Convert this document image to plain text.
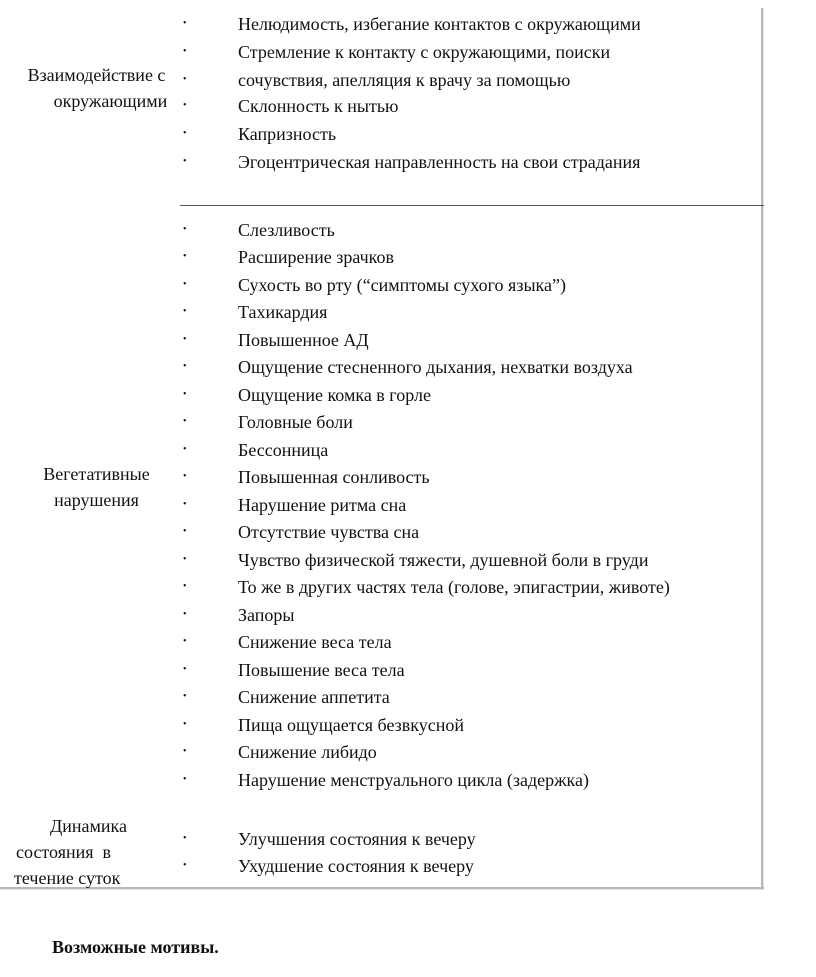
Взаимодействие с
окружающими
•	Нелюдимость, избегание контактов с окружающими
•	Стремление к контакту с окружающими, поиски
•	сочувствия, апелляция к врачу за помощью
•	Склонность к нытью
•	Капризность
•	Эгоцентрическая направленность на свои страдания
Вегетативные
нарушения
•	Слезливость
•	Расширение зрачков
•	Сухость во рту (“симптомы сухого языка”)
•	Тахикардия
•	Повышенное АД
•	Ощущение стесненного дыхания, нехватки воздуха
•	Ощущение комка в горле
•	Головные боли
•	Бессонница
•	Повышенная сонливость
•	Нарушение ритма сна
•	Отсутствие чувства сна
•	Чувство физической тяжести, душевной боли в груди
•	То же в других частях тела (голове, эпигастрии, животе)
•	Запоры
•	Снижение веса тела
•	Повышение веса тела
•	Снижение аппетита
•	Пища ощущается безвкусной
•	Снижение либидо
•	Нарушение менструального цикла (задержка)
Динамика
состояния  в
течение суток
•	Улучшения состояния к вечеру
•	Ухудшение состояния к вечеру
Возможные мотивы.
